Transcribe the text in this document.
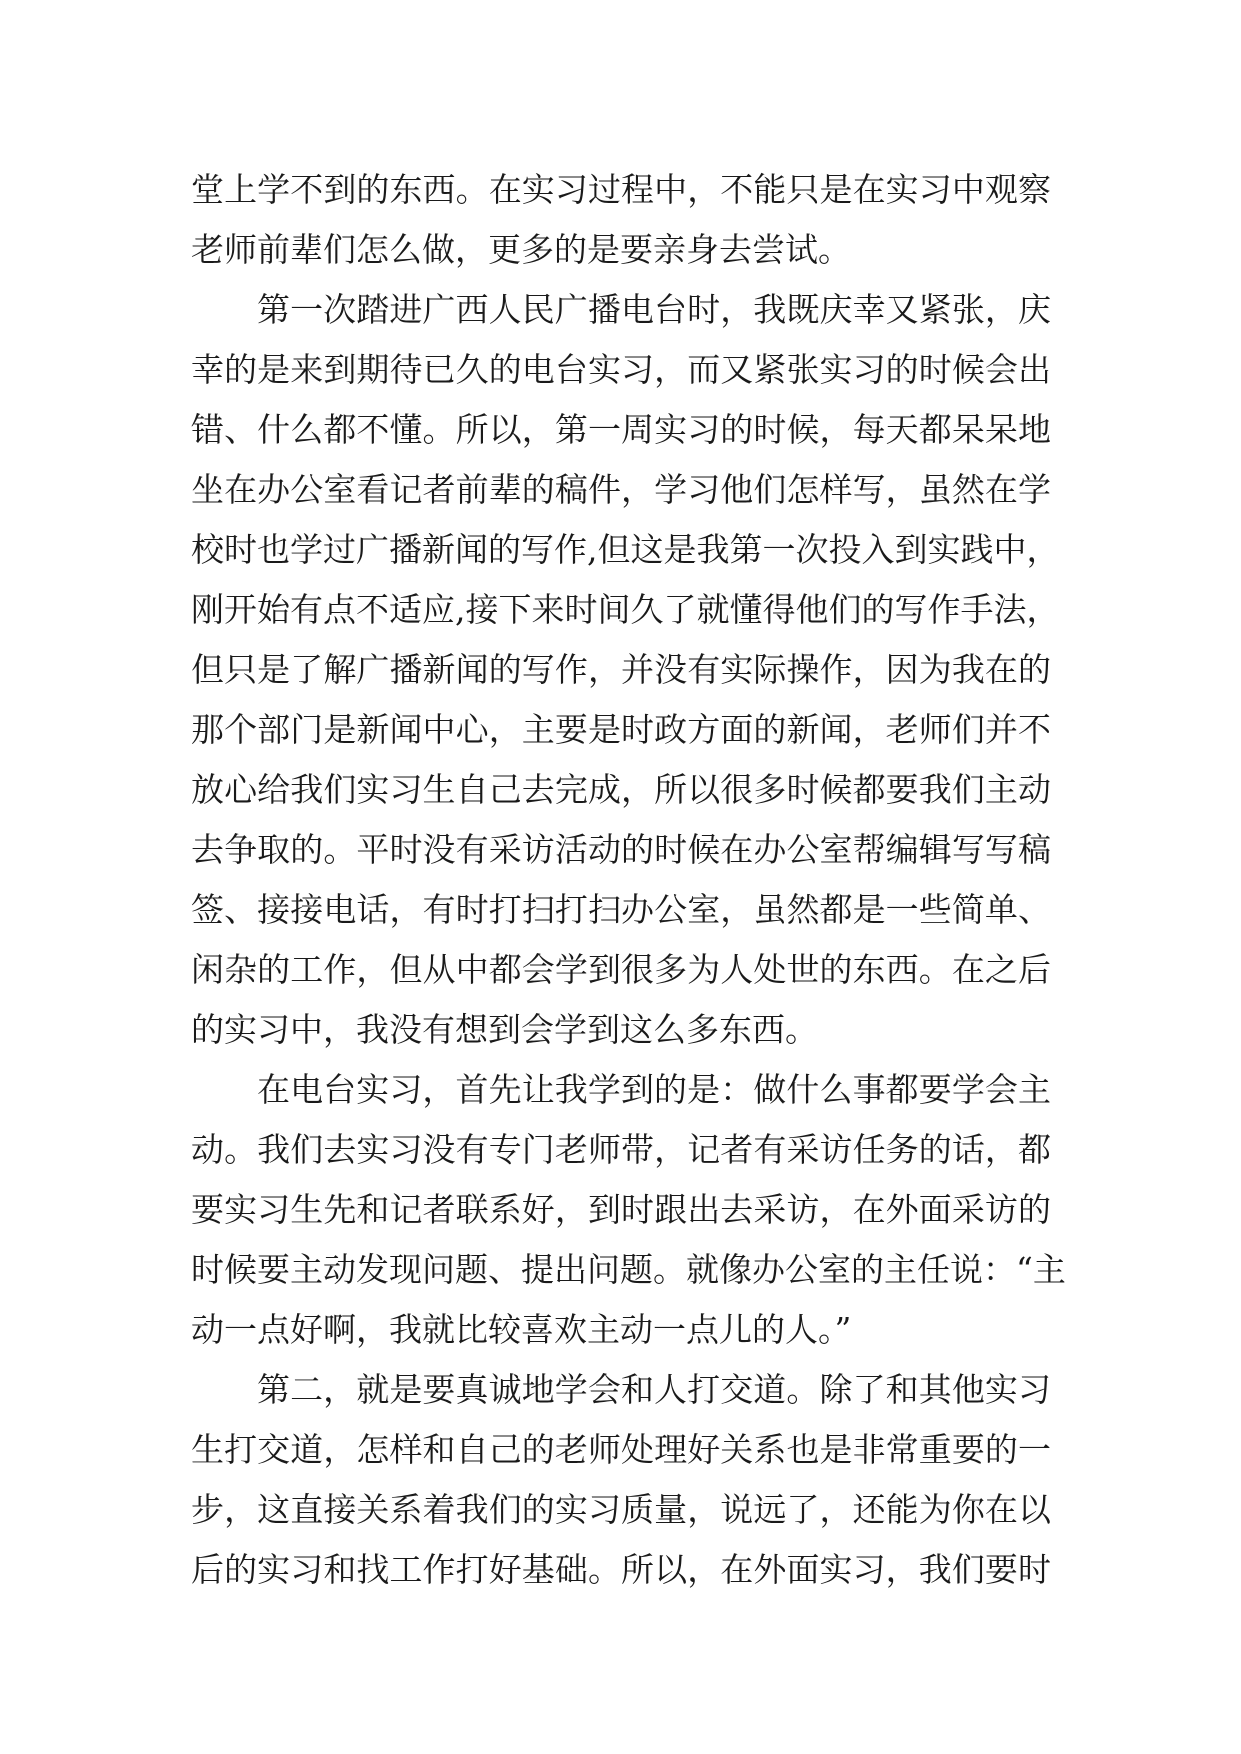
堂上学不到的东西。在实习过程中，不能只是在实习中观察
老师前辈们怎么做，更多的是要亲身去尝试。
第一次踏进广西人民广播电台时，我既庆幸又紧张，庆
幸的是来到期待已久的电台实习，而又紧张实习的时候会出
错、什么都不懂。所以，第一周实习的时候，每天都呆呆地
坐在办公室看记者前辈的稿件，学习他们怎样写，虽然在学
校时也学过广播新闻的写作,但这是我第一次投入到实践中，
刚开始有点不适应,接下来时间久了就懂得他们的写作手法，
但只是了解广播新闻的写作，并没有实际操作，因为我在的
那个部门是新闻中心，主要是时政方面的新闻，老师们并不
放心给我们实习生自己去完成，所以很多时候都要我们主动
去争取的。平时没有采访活动的时候在办公室帮编辑写写稿
签、接接电话，有时打扫打扫办公室，虽然都是一些简单、
闲杂的工作，但从中都会学到很多为人处世的东西。在之后
的实习中，我没有想到会学到这么多东西。
在电台实习，首先让我学到的是：做什么事都要学会主
动。我们去实习没有专门老师带，记者有采访任务的话，都
要实习生先和记者联系好，到时跟出去采访，在外面采访的
时候要主动发现问题、提出问题。就像办公室的主任说：“主
动一点好啊，我就比较喜欢主动一点儿的人。”
第二，就是要真诚地学会和人打交道。除了和其他实习
生打交道，怎样和自己的老师处理好关系也是非常重要的一
步，这直接关系着我们的实习质量，说远了，还能为你在以
后的实习和找工作打好基础。所以，在外面实习，我们要时
